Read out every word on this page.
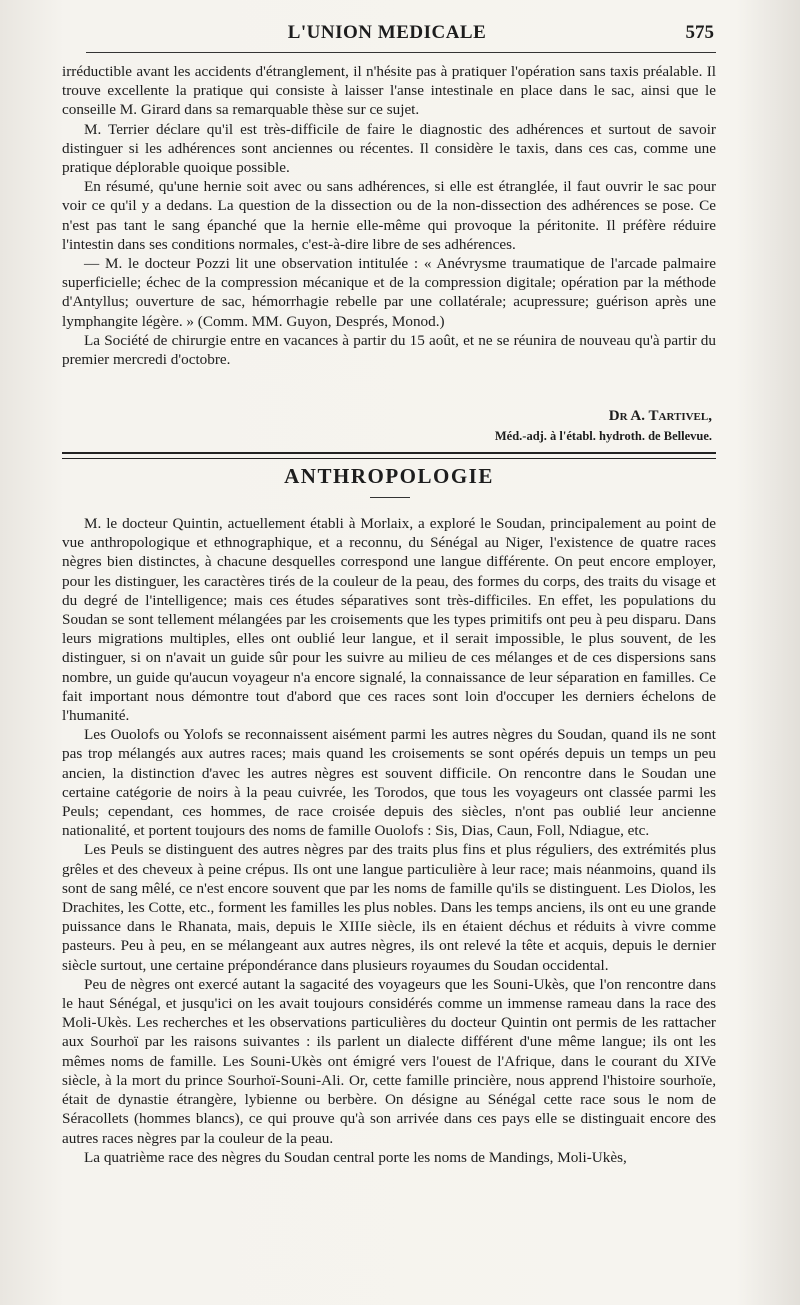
L'UNION MEDICALE	575

irréductible avant les accidents d'étranglement, il n'hésite pas à pratiquer l'opération sans taxis préalable. Il trouve excellente la pratique qui consiste à laisser l'anse intestinale en place dans le sac, ainsi que le conseille M. Girard dans sa remarquable thèse sur ce sujet.

M. Terrier déclare qu'il est très-difficile de faire le diagnostic des adhérences et surtout de savoir distinguer si les adhérences sont anciennes ou récentes. Il considère le taxis, dans ces cas, comme une pratique déplorable quoique possible.

En résumé, qu'une hernie soit avec ou sans adhérences, si elle est étranglée, il faut ouvrir le sac pour voir ce qu'il y a dedans. La question de la dissection ou de la non-dissection des adhérences se pose. Ce n'est pas tant le sang épanché que la hernie elle-même qui provoque la péritonite. Il préfère réduire l'intestin dans ses conditions normales, c'est-à-dire libre de ses adhérences.

— M. le docteur Pozzi lit une observation intitulée : « Anévrysme traumatique de l'arcade palmaire superficielle; échec de la compression mécanique et de la compression digitale; opération par la méthode d'Antyllus; ouverture de sac, hémorrhagie rebelle par une collatérale; acupressure; guérison après une lymphangite légère. » (Comm. MM. Guyon, Després, Monod.)

La Société de chirurgie entre en vacances à partir du 15 août, et ne se réunira de nouveau qu'à partir du premier mercredi d'octobre.

Dr A. Tartivel,
Méd.-adj. à l'établ. hydroth. de Bellevue.
ANTHROPOLOGIE

M. le docteur Quintin, actuellement établi à Morlaix, a exploré le Soudan, principalement au point de vue anthropologique et ethnographique, et a reconnu, du Sénégal au Niger, l'existence de quatre races nègres bien distinctes, à chacune desquelles correspond une langue différente. On peut encore employer, pour les distinguer, les caractères tirés de la couleur de la peau, des formes du corps, des traits du visage et du degré de l'intelligence; mais ces études séparatives sont très-difficiles. En effet, les populations du Soudan se sont tellement mélangées par les croisements que les types primitifs ont peu à peu disparu. Dans leurs migrations multiples, elles ont oublié leur langue, et il serait impossible, le plus souvent, de les distinguer, si on n'avait un guide sûr pour les suivre au milieu de ces mélanges et de ces dispersions sans nombre, un guide qu'aucun voyageur n'a encore signalé, la connaissance de leur séparation en familles. Ce fait important nous démontre tout d'abord que ces races sont loin d'occuper les derniers échelons de l'humanité.

Les Ouolofs ou Yolofs se reconnaissent aisément parmi les autres nègres du Soudan, quand ils ne sont pas trop mélangés aux autres races; mais quand les croisements se sont opérés depuis un temps un peu ancien, la distinction d'avec les autres nègres est souvent difficile. On rencontre dans le Soudan une certaine catégorie de noirs à la peau cuivrée, les Torodos, que tous les voyageurs ont classée parmi les Peuls; cependant, ces hommes, de race croisée depuis des siècles, n'ont pas oublié leur ancienne nationalité, et portent toujours des noms de famille Ouolofs : Sis, Dias, Caun, Foll, Ndiague, etc.

Les Peuls se distinguent des autres nègres par des traits plus fins et plus réguliers, des extrémités plus grêles et des cheveux à peine crépus. Ils ont une langue particulière à leur race; mais néanmoins, quand ils sont de sang mêlé, ce n'est encore souvent que par les noms de famille qu'ils se distinguent. Les Diolos, les Drachites, les Cotte, etc., forment les familles les plus nobles. Dans les temps anciens, ils ont eu une grande puissance dans le Rhanata, mais, depuis le XIIIe siècle, ils en étaient déchus et réduits à vivre comme pasteurs. Peu à peu, en se mélangeant aux autres nègres, ils ont relevé la tête et acquis, depuis le dernier siècle surtout, une certaine prépondérance dans plusieurs royaumes du Soudan occidental.

Peu de nègres ont exercé autant la sagacité des voyageurs que les Souni-Ukès, que l'on rencontre dans le haut Sénégal, et jusqu'ici on les avait toujours considérés comme un immense rameau dans la race des Moli-Ukès. Les recherches et les observations particulières du docteur Quintin ont permis de les rattacher aux Sourhoï par les raisons suivantes : ils parlent un dialecte différent d'une même langue; ils ont les mêmes noms de famille. Les Souni-Ukès ont émigré vers l'ouest de l'Afrique, dans le courant du XIVe siècle, à la mort du prince Sourhoï-Souni-Ali. Or, cette famille princière, nous apprend l'histoire sourhoïe, était de dynastie étrangère, lybienne ou berbère. On désigne au Sénégal cette race sous le nom de Séracollets (hommes blancs), ce qui prouve qu'à son arrivée dans ces pays elle se distinguait encore des autres races nègres par la couleur de la peau.

La quatrième race des nègres du Soudan central porte les noms de Mandings, Moli-Ukès,
